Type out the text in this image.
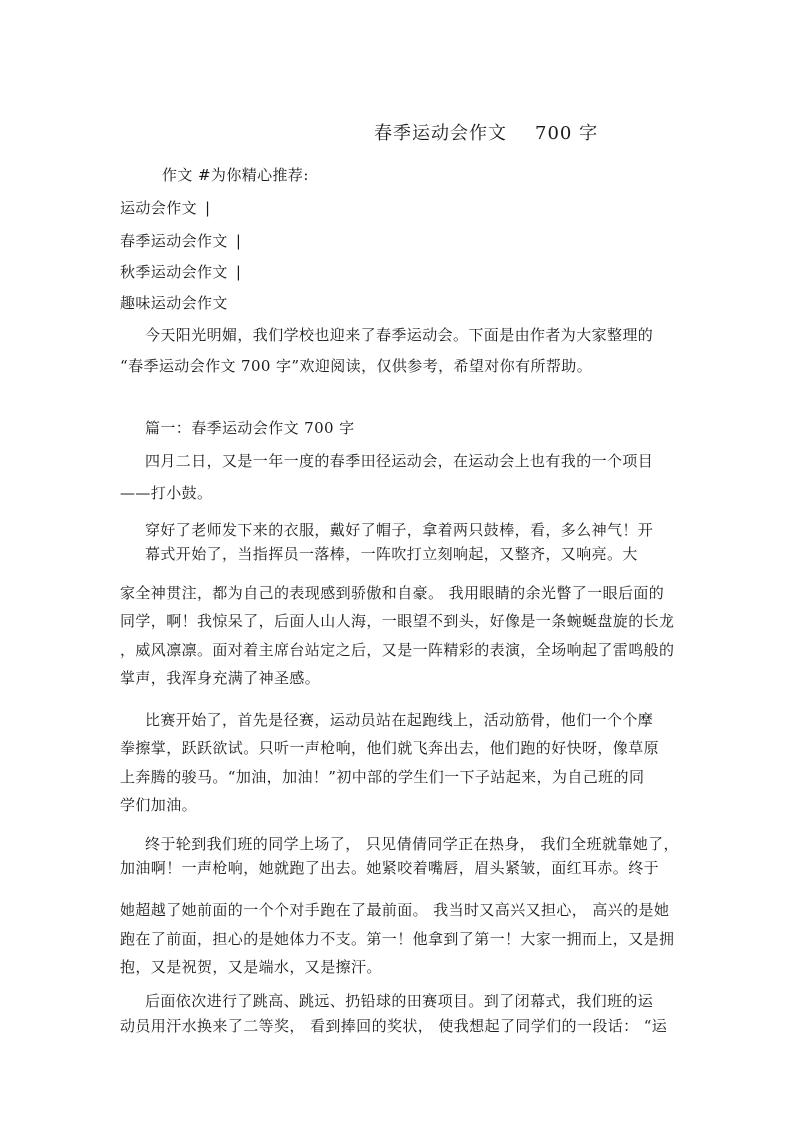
春季运动会作文 700 字
作文 #为你精心推荐:
运动会作文 |
春季运动会作文 |
秋季运动会作文 |
趣味运动会作文
今天阳光明媚，我们学校也迎来了春季运动会。下面是由作者为大家整理的
“春季运动会作文 700 字”欢迎阅读，仅供参考，希望对你有所帮助。
篇一：春季运动会作文 700 字
四月二日，又是一年一度的春季田径运动会，在运动会上也有我的一个项目
——打小鼓。
穿好了老师发下来的衣服，戴好了帽子，拿着两只鼓棒，看，多么神气！开
幕式开始了，当指挥员一落棒，一阵吹打立刻响起，又整齐，又响亮。大
家全神贯注，都为自己的表现感到骄傲和自豪。 我用眼睛的余光瞥了一眼后面的
同学，啊！我惊呆了，后面人山人海，一眼望不到头，好像是一条蜿蜒盘旋的长龙
，威风凛凛。面对着主席台站定之后，又是一阵精彩的表演，全场响起了雷鸣般的
掌声，我浑身充满了神圣感。
比赛开始了，首先是径赛，运动员站在起跑线上，活动筋骨，他们一个个摩
拳擦掌，跃跃欲试。只听一声枪响，他们就飞奔出去，他们跑的好快呀，像草原
上奔腾的骏马。“加油，加油！”初中部的学生们一下子站起来，为自己班的同
学们加油。
终于轮到我们班的同学上场了， 只见倩倩同学正在热身， 我们全班就靠她了，
加油啊！一声枪响，她就跑了出去。她紧咬着嘴唇，眉头紧皱，面红耳赤。终于
她超越了她前面的一个个对手跑在了最前面。 我当时又高兴又担心， 高兴的是她
跑在了前面，担心的是她体力不支。第一！他拿到了第一！大家一拥而上，又是拥
抱，又是祝贺，又是端水，又是擦汗。
后面依次进行了跳高、跳远、扔铅球的田赛项目。到了闭幕式，我们班的运
动员用汗水换来了二等奖， 看到捧回的奖状， 使我想起了同学们的一段话： “运
